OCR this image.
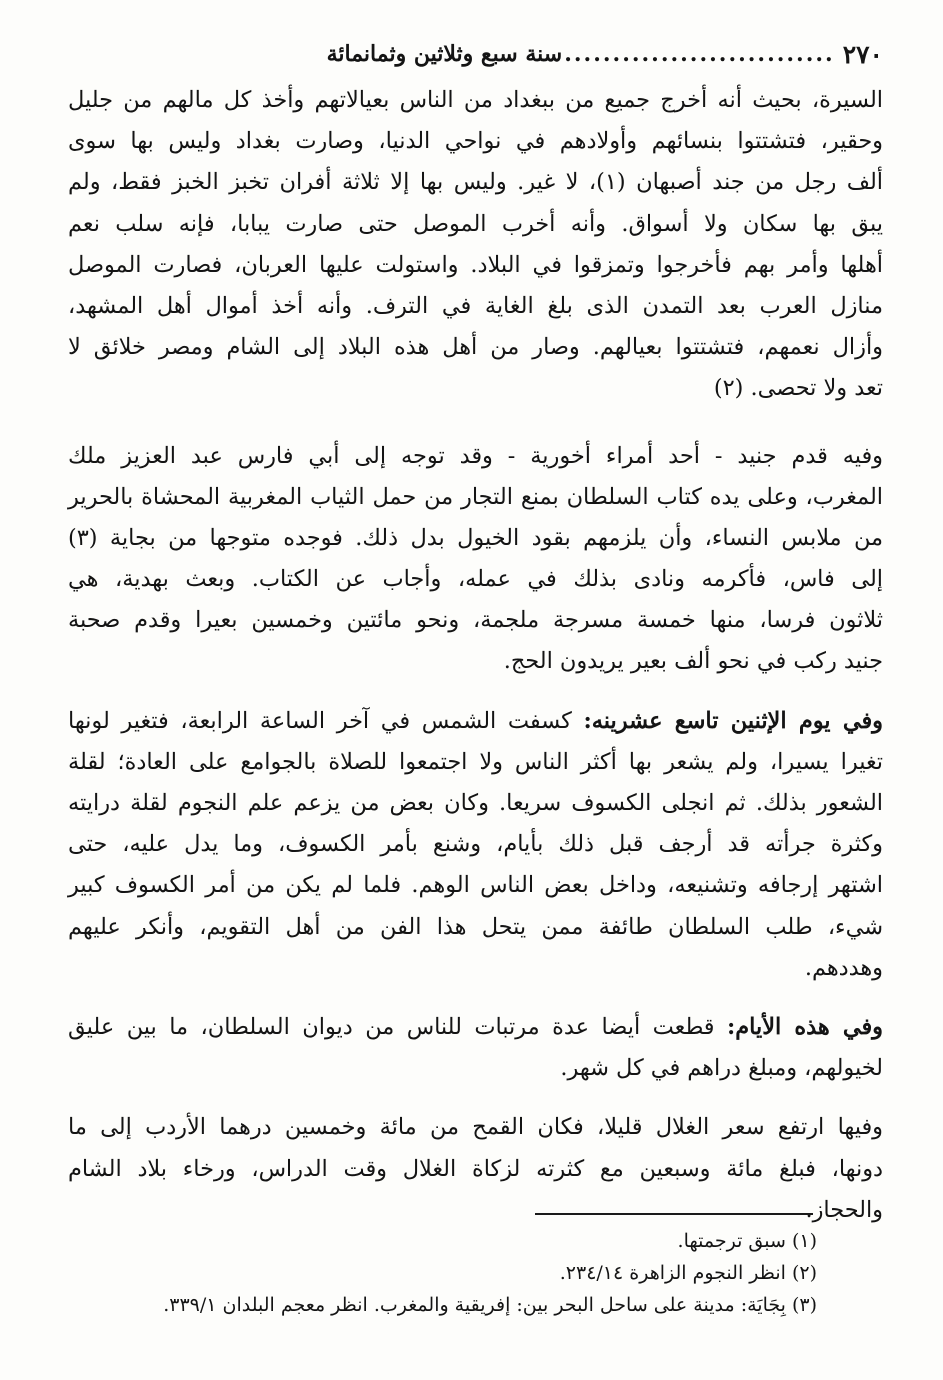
٢٧٠
............................
سنة سبع وثلاثين وثمانمائة
السيرة، بحيث أنه أخرج جميع من ببغداد من الناس بعيالاتهم وأخذ كل مالهم من جليل
وحقير، فتشتتوا بنسائهم وأولادهم في نواحي الدنيا، وصارت بغداد وليس بها سوى
ألف رجل من جند أصبهان (١)، لا غير. وليس بها إلا ثلاثة أفران تخبز الخبز فقط، ولم
يبق بها سكان ولا أسواق. وأنه أخرب الموصل حتى صارت يبابا، فإنه سلب نعم
أهلها وأمر بهم فأخرجوا وتمزقوا في البلاد. واستولت عليها العربان، فصارت الموصل
منازل العرب بعد التمدن الذى بلغ الغاية في الترف. وأنه أخذ أموال أهل المشهد،
وأزال نعمهم، فتشتتوا بعيالهم. وصار من أهل هذه البلاد إلى الشام ومصر خلائق لا
تعد ولا تحصى. (٢)
وفيه قدم جنيد - أحد أمراء أخورية - وقد توجه إلى أبي فارس عبد العزيز ملك
المغرب، وعلى يده كتاب السلطان بمنع التجار من حمل الثياب المغربية المحشاة بالحرير
من ملابس النساء، وأن يلزمهم بقود الخيول بدل ذلك. فوجده متوجها من بجاية (٣)
إلى فاس، فأكرمه ونادى بذلك في عمله، وأجاب عن الكتاب. وبعث بهدية، هي
ثلاثون فرسا، منها خمسة مسرجة ملجمة، ونحو مائتين وخمسين بعيرا وقدم صحبة
جنيد ركب في نحو ألف بعير يريدون الحج.
وفي يوم الإثنين تاسع عشرينه: كسفت الشمس في آخر الساعة الرابعة، فتغير لونها
تغيرا يسيرا، ولم يشعر بها أكثر الناس ولا اجتمعوا للصلاة بالجوامع على العادة؛ لقلة
الشعور بذلك. ثم انجلى الكسوف سريعا. وكان بعض من يزعم علم النجوم لقلة درايته
وكثرة جرأته قد أرجف قبل ذلك بأيام، وشنع بأمر الكسوف، وما يدل عليه، حتى
اشتهر إرجافه وتشنيعه، وداخل بعض الناس الوهم. فلما لم يكن من أمر الكسوف كبير
شيء، طلب السلطان طائفة ممن يتحل هذا الفن من أهل التقويم، وأنكر عليهم
وهددهم.
وفي هذه الأيام: قطعت أيضا عدة مرتبات للناس من ديوان السلطان، ما بين عليق
لخيولهم، ومبلغ دراهم في كل شهر.
وفيها ارتفع سعر الغلال قليلا، فكان القمح من مائة وخمسين درهما الأردب إلى ما
دونها، فبلغ مائة وسبعين مع كثرته لزكاة الغلال وقت الدراس، ورخاء بلاد الشام
والحجاز.
(١) سبق ترجمتها.
(٢) انظر النجوم الزاهرة ٢٣٤/١٤.
(٣) بِجَايَة: مدينة على ساحل البحر بين: إفريقية والمغرب. انظر معجم البلدان ٣٣٩/١.
